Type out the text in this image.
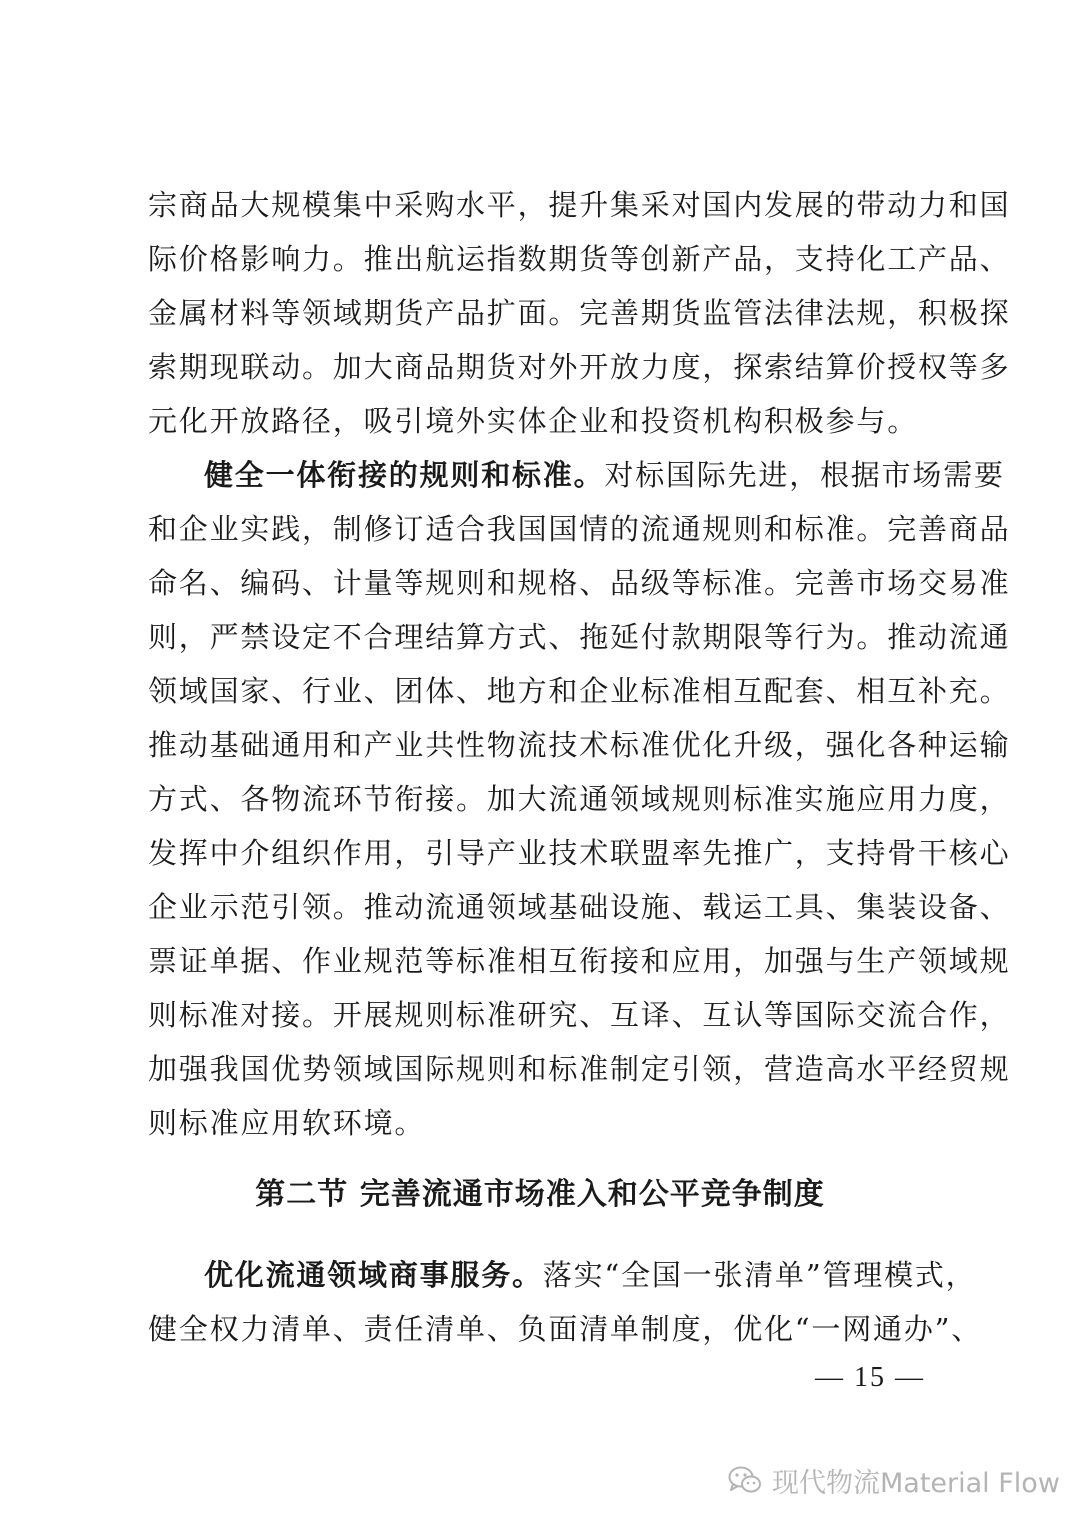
宗商品大规模集中采购水平，提升集采对国内发展的带动力和国

际价格影响力。推出航运指数期货等创新产品，支持化工产品、

金属材料等领域期货产品扩面。完善期货监管法律法规，积极探

索期现联动。加大商品期货对外开放力度，探索结算价授权等多

元化开放路径，吸引境外实体企业和投资机构积极参与。

健全一体衔接的规则和标准。对标国际先进，根据市场需要

和企业实践，制修订适合我国国情的流通规则和标准。完善商品

命名、编码、计量等规则和规格、品级等标准。完善市场交易准

则，严禁设定不合理结算方式、拖延付款期限等行为。推动流通

领域国家、行业、团体、地方和企业标准相互配套、相互补充。

推动基础通用和产业共性物流技术标准优化升级，强化各种运输

方式、各物流环节衔接。加大流通领域规则标准实施应用力度，

发挥中介组织作用，引导产业技术联盟率先推广，支持骨干核心

企业示范引领。推动流通领域基础设施、载运工具、集装设备、

票证单据、作业规范等标准相互衔接和应用，加强与生产领域规

则标准对接。开展规则标准研究、互译、互认等国际交流合作，

加强我国优势领域国际规则和标准制定引领，营造高水平经贸规

则标准应用软环境。

第二节 完善流通市场准入和公平竞争制度

优化流通领域商事服务。落实“全国一张清单”管理模式，

健全权力清单、责任清单、负面清单制度，优化“一网通办”、

— 15 —
现代物流Material Flow
